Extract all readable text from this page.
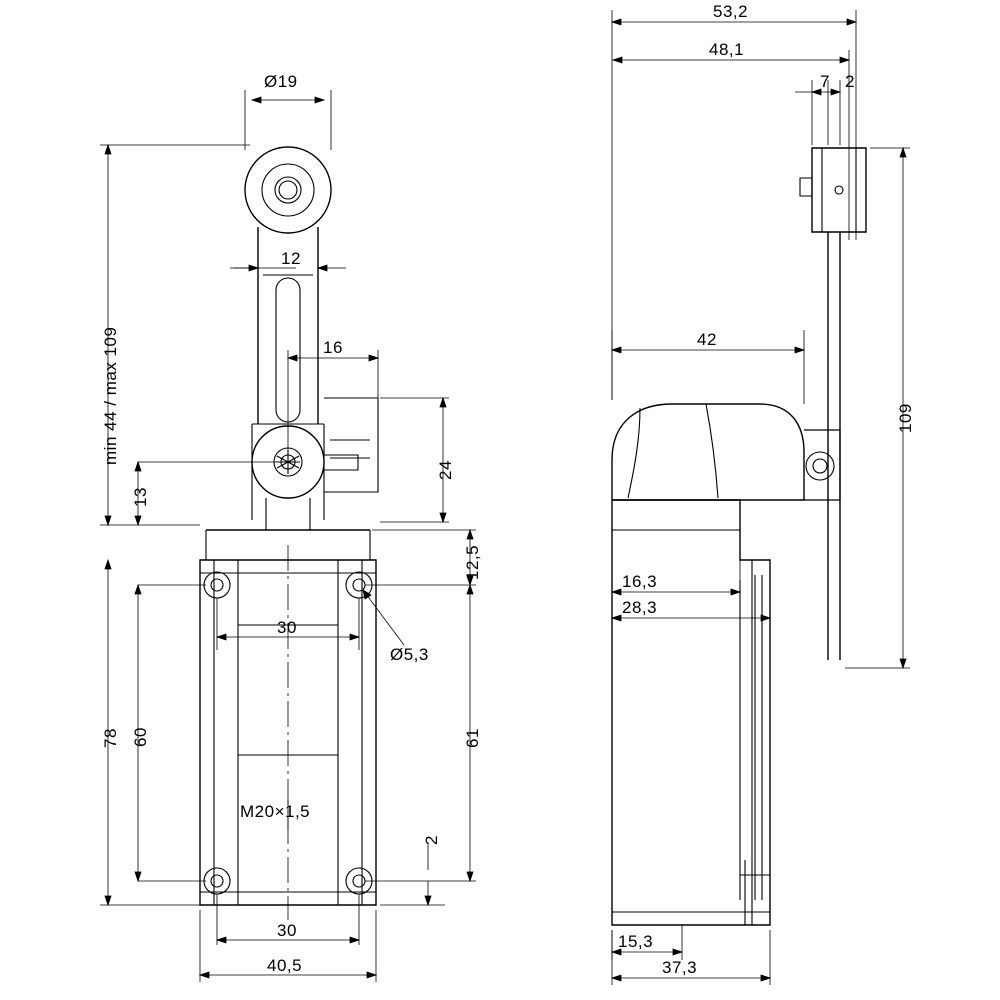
Ø19
12
16
min 44 / max 109
13
78 60
24
12,5
61
2
30
Ø5,3
M20×1,5
30
40,5
53,2
48,1
7 2
42
109
16,3
28,3
15,3
37,3
